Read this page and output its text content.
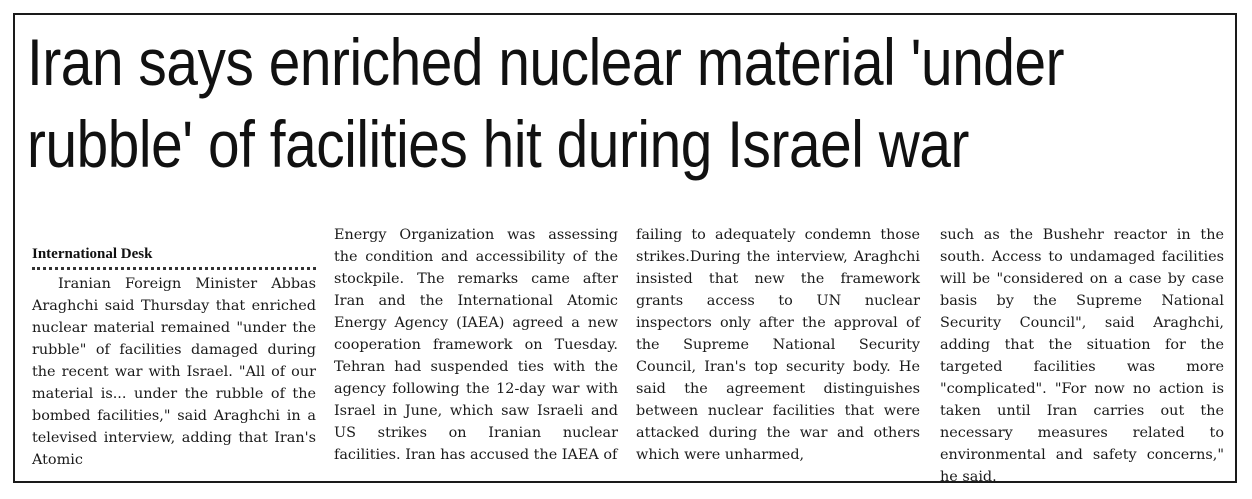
Iran says enriched nuclear material 'under
rubble' of facilities hit during Israel war
International Desk

Iranian Foreign Minister Abbas Araghchi said Thursday that enriched nuclear material remained "under the rubble" of facilities damaged during the recent war with Israel. "All of our material is... under the rubble of the bombed facilities," said Araghchi in a televised interview, adding that Iran's Atomic

Energy Organization was assessing the condition and accessibility of the stockpile. The remarks came after Iran and the International Atomic Energy Agency (IAEA) agreed a new cooperation framework on Tuesday. Tehran had suspended ties with the agency following the 12-day war with Israel in June, which saw Israeli and US strikes on Iranian nuclear facilities. Iran has accused the IAEA of

failing to adequately condemn those strikes.During the interview, Araghchi insisted that new the framework grants access to UN nuclear inspectors only after the approval of the Supreme National Security Council, Iran's top security body. He said the agreement distinguishes between nuclear facilities that were attacked during the war and others which were unharmed,

such as the Bushehr reactor in the south. Access to undamaged facilities will be "considered on a case by case basis by the Supreme National Security Council", said Araghchi, adding that the situation for the targeted facilities was more "complicated". "For now no action is taken until Iran carries out the necessary measures related to environmental and safety concerns," he said.
